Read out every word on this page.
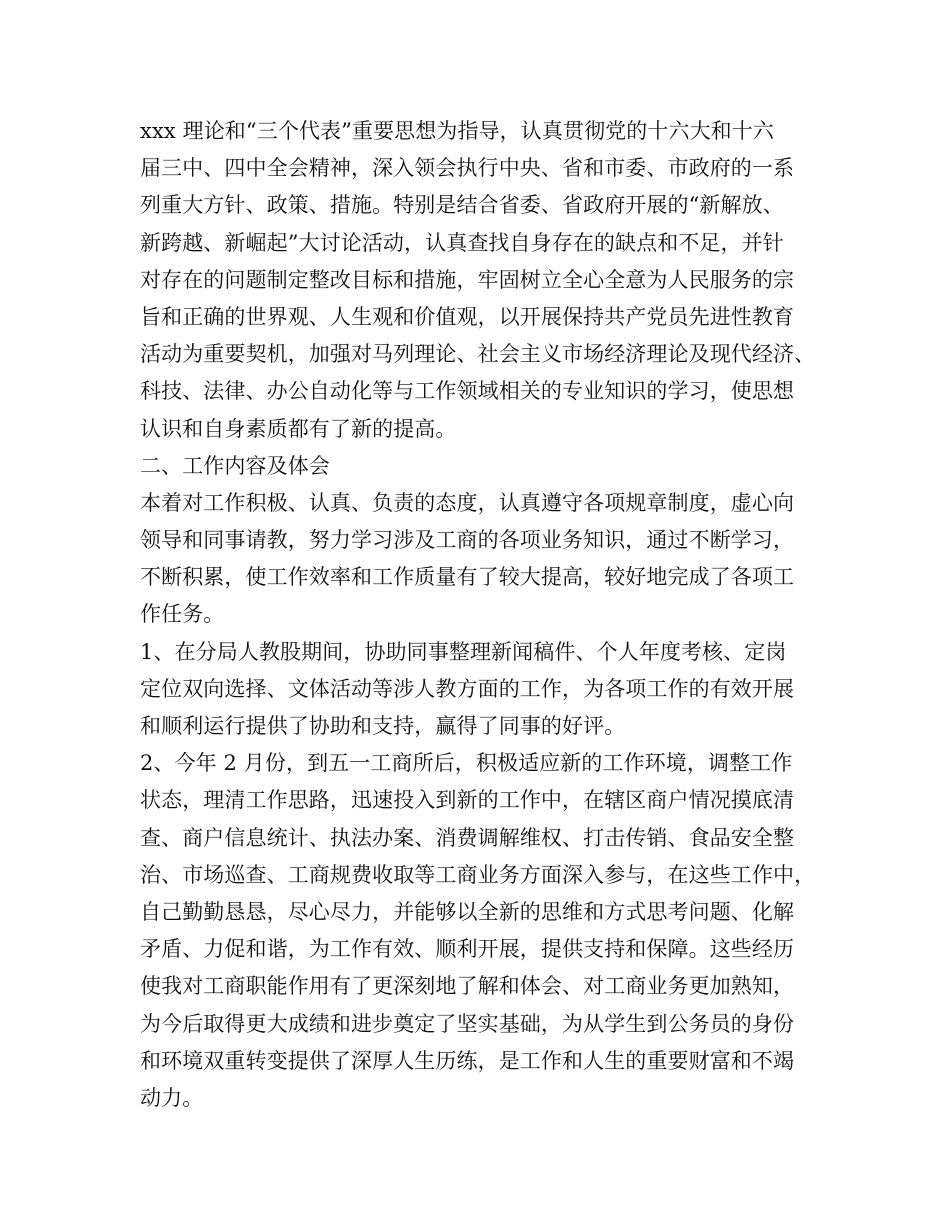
xxx 理论和“三个代表”重要思想为指导，认真贯彻党的十六大和十六
届三中、四中全会精神，深入领会执行中央、省和市委、市政府的一系
列重大方针、政策、措施。特别是结合省委、省政府开展的“新解放、
新跨越、新崛起”大讨论活动，认真查找自身存在的缺点和不足，并针
对存在的问题制定整改目标和措施，牢固树立全心全意为人民服务的宗
旨和正确的世界观、人生观和价值观，以开展保持共产党员先进性教育
活动为重要契机，加强对马列理论、社会主义市场经济理论及现代经济、
科技、法律、办公自动化等与工作领域相关的专业知识的学习，使思想
认识和自身素质都有了新的提高。
二、工作内容及体会
本着对工作积极、认真、负责的态度，认真遵守各项规章制度，虚心向
领导和同事请教，努力学习涉及工商的各项业务知识，通过不断学习，
不断积累，使工作效率和工作质量有了较大提高，较好地完成了各项工
作任务。
1、在分局人教股期间，协助同事整理新闻稿件、个人年度考核、定岗
定位双向选择、文体活动等涉人教方面的工作，为各项工作的有效开展
和顺利运行提供了协助和支持，赢得了同事的好评。
2、今年 2 月份，到五一工商所后，积极适应新的工作环境，调整工作
状态，理清工作思路，迅速投入到新的工作中，在辖区商户情况摸底清
查、商户信息统计、执法办案、消费调解维权、打击传销、食品安全整
治、市场巡查、工商规费收取等工商业务方面深入参与，在这些工作中，
自己勤勤恳恳，尽心尽力，并能够以全新的思维和方式思考问题、化解
矛盾、力促和谐，为工作有效、顺利开展，提供支持和保障。这些经历
使我对工商职能作用有了更深刻地了解和体会、对工商业务更加熟知，
为今后取得更大成绩和进步奠定了坚实基础，为从学生到公务员的身份
和环境双重转变提供了深厚人生历练，是工作和人生的重要财富和不竭
动力。
